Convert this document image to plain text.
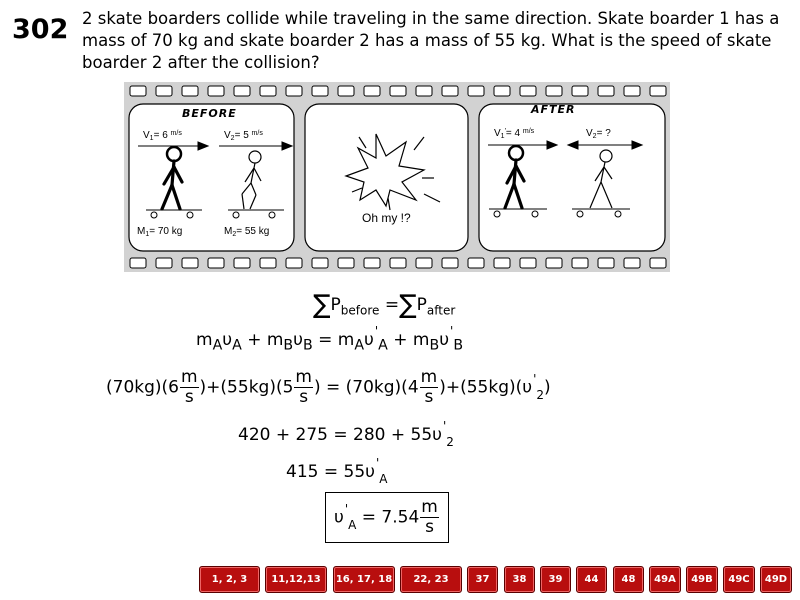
302 2 skate boarders collide while traveling in the same direction. Skate boarder 1 has a mass of 70 kg and skate boarder 2 has a mass of 55 kg. What is the speed of skate boarder 2 after the collision?
BEFORE	AFTER
$V_1= 6$ $^{m/s}$	$V_2= 5$ $^{m/s}$
$M_1= 70$ kg	$M_2= 55$ kg
Oh my !?
$V_1'= 4$ $^{m/s}$	$V_2=$ ?
$\sum P_{before} =\sum P_{after}$
$m_A\upsilon_A + m_B\upsilon_B = m_A\upsilon'_A + m_B\upsilon'_B$
$(70kg)(6 \frac{m}{s} )+(55kg)(5 \frac{m}{s}$ ) = $(70kg)(4 \frac{m}{s} )+(55kg)(\upsilon'_2)$
$420 + 275 = 280 + 55\upsilon'_2$
$415 = 55\upsilon'_A$
$\upsilon'_A = 7.54 \frac{m}{s}$
1, 2, 3	11,12,13	16, 17, 18	22, 23	37	38	39	44	48	49A	49B	49C	49D
